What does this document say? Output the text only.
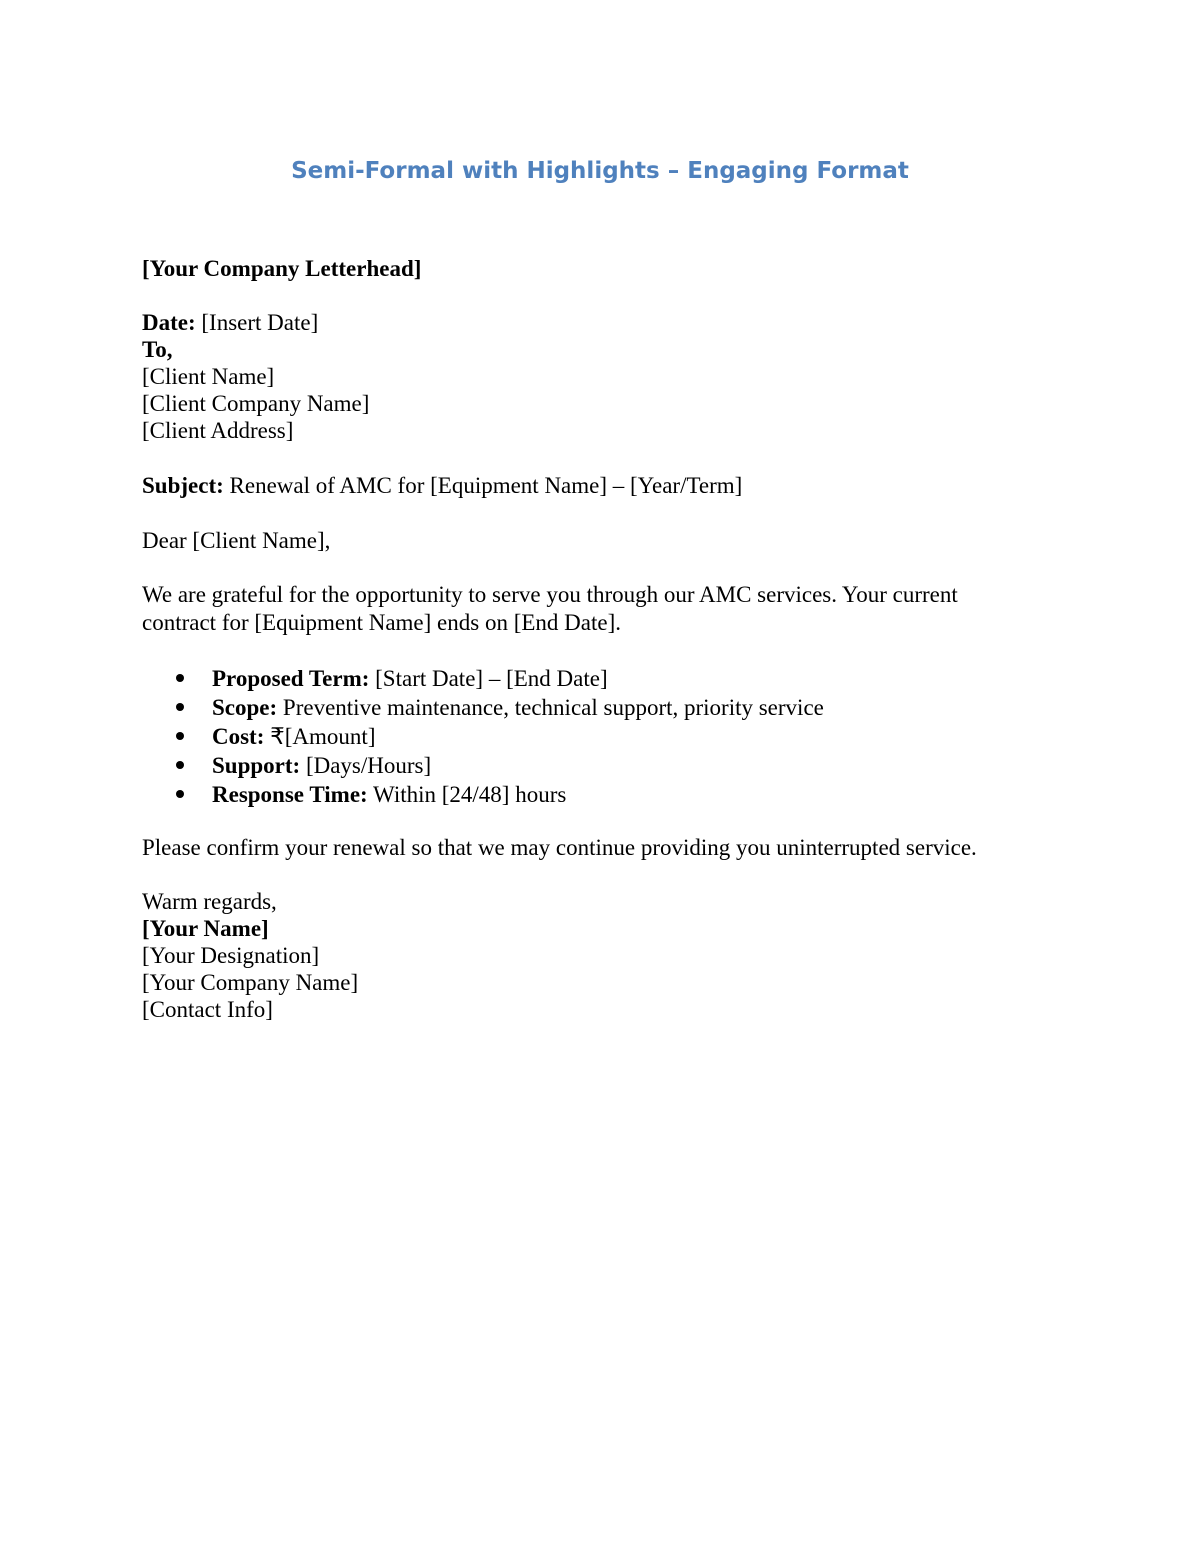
Semi-Formal with Highlights – Engaging Format
[Your Company Letterhead]
Date: [Insert Date]
To,
[Client Name]
[Client Company Name]
[Client Address]
Subject: Renewal of AMC for [Equipment Name] – [Year/Term]
Dear [Client Name],
We are grateful for the opportunity to serve you through our AMC services. Your current
contract for [Equipment Name] ends on [End Date].
Proposed Term: [Start Date] – [End Date]
Scope: Preventive maintenance, technical support, priority service
Cost: ₹[Amount]
Support: [Days/Hours]
Response Time: Within [24/48] hours
Please confirm your renewal so that we may continue providing you uninterrupted service.
Warm regards,
[Your Name]
[Your Designation]
[Your Company Name]
[Contact Info]
